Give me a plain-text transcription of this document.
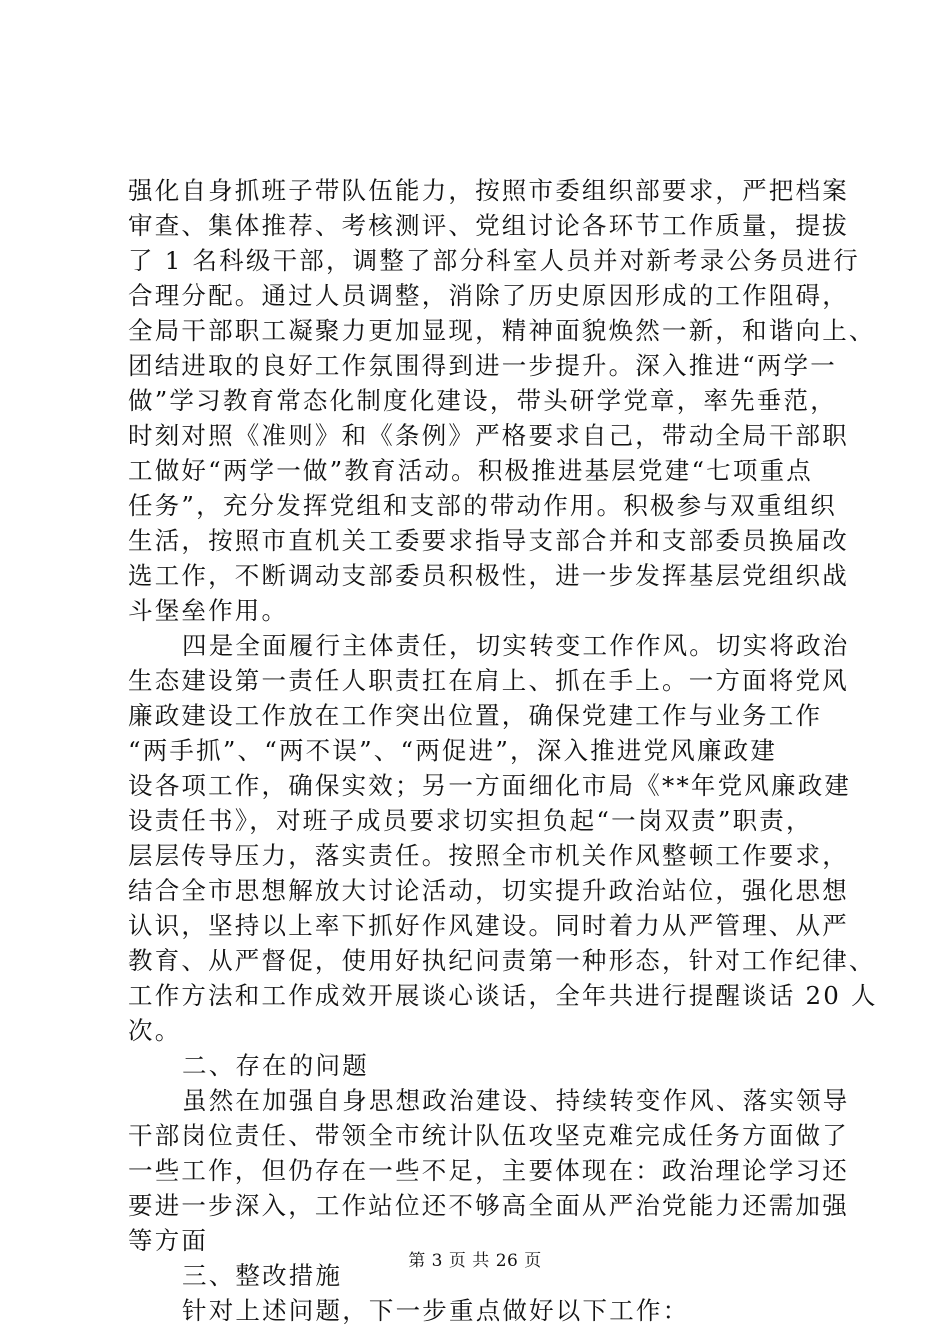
强化自身抓班子带队伍能力，按照市委组织部要求，严把档案
审查、集体推荐、考核测评、党组讨论各环节工作质量，提拔
了 1 名科级干部，调整了部分科室人员并对新考录公务员进行
合理分配。通过人员调整，消除了历史原因形成的工作阻碍，
全局干部职工凝聚力更加显现，精神面貌焕然一新，和谐向上、
团结进取的良好工作氛围得到进一步提升。深入推进“两学一
做”学习教育常态化制度化建设，带头研学党章，率先垂范，
时刻对照《准则》和《条例》严格要求自己，带动全局干部职
工做好“两学一做”教育活动。积极推进基层党建“七项重点
任务”，充分发挥党组和支部的带动作用。积极参与双重组织
生活，按照市直机关工委要求指导支部合并和支部委员换届改
选工作，不断调动支部委员积极性，进一步发挥基层党组织战
斗堡垒作用。
四是全面履行主体责任，切实转变工作作风。切实将政治
生态建设第一责任人职责扛在肩上、抓在手上。一方面将党风
廉政建设工作放在工作突出位置，确保党建工作与业务工作
“两手抓”、“两不误”、“两促进”，深入推进党风廉政建
设各项工作，确保实效；另一方面细化市局《**年党风廉政建
设责任书》，对班子成员要求切实担负起“一岗双责”职责，
层层传导压力，落实责任。按照全市机关作风整顿工作要求，
结合全市思想解放大讨论活动，切实提升政治站位，强化思想
认识，坚持以上率下抓好作风建设。同时着力从严管理、从严
教育、从严督促，使用好执纪问责第一种形态，针对工作纪律、
工作方法和工作成效开展谈心谈话，全年共进行提醒谈话 20 人
次。
二、存在的问题
虽然在加强自身思想政治建设、持续转变作风、落实领导
干部岗位责任、带领全市统计队伍攻坚克难完成任务方面做了
一些工作，但仍存在一些不足，主要体现在：政治理论学习还
要进一步深入，工作站位还不够高全面从严治党能力还需加强
等方面
三、整改措施
针对上述问题，下一步重点做好以下工作：
第 3 页 共 26 页
